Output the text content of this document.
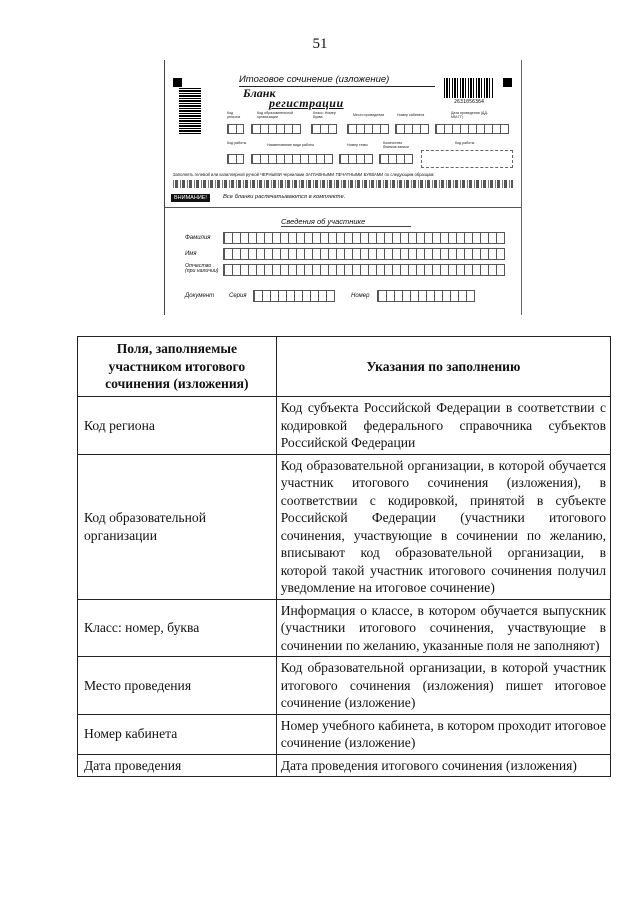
51
2631056364
Итоговое сочинение (изложение)
Бланк
регистрации
Код региона
Код образовательной организации
Класс: Номер Буква	Место проведения	Номер кабинета	Дата проведения (ДД-ММ-ГГ)
Код работы	Наименование вида работы	Номер темы	Количество бланков записи
Код работы
Заполнять гелевой или капиллярной ручкой ЧЕРНЫМИ чернилами ЗАГЛАВНЫМИ ПЕЧАТНЫМИ БУКВАМИ по следующим образцам:
ВНИМАНИЕ!	Все бланки распечатываются в комплекте.
Сведения об участнике
Фамилия
Имя
Отчество (при наличии)
Документ Серия	Номер
Поля, заполняемые участником итогового сочинения (изложения)	Указания по заполнению
Код региона	Код субъекта Российской Федерации в соответствии с кодировкой федерального справочника субъектов Российской Федерации
Код образовательной организации	Код образовательной организации, в которой обучается участник итогового сочинения (изложения), в соответствии с кодировкой, принятой в субъекте Российской Федерации (участники итогового сочинения, участвующие в сочинении по желанию, вписывают код образовательной организации, в которой такой участник итогового сочинения получил уведомление на итоговое сочинение)
Класс: номер, буква	Информация о классе, в котором обучается выпускник (участники итогового сочинения, участвующие в сочинении по желанию, указанные поля не заполняют)
Место проведения	Код образовательной организации, в которой участник итогового сочинения (изложения) пишет итоговое сочинение (изложение)
Номер кабинета	Номер учебного кабинета, в котором проходит итоговое сочинение (изложение)
Дата проведения	Дата проведения итогового сочинения (изложения)
